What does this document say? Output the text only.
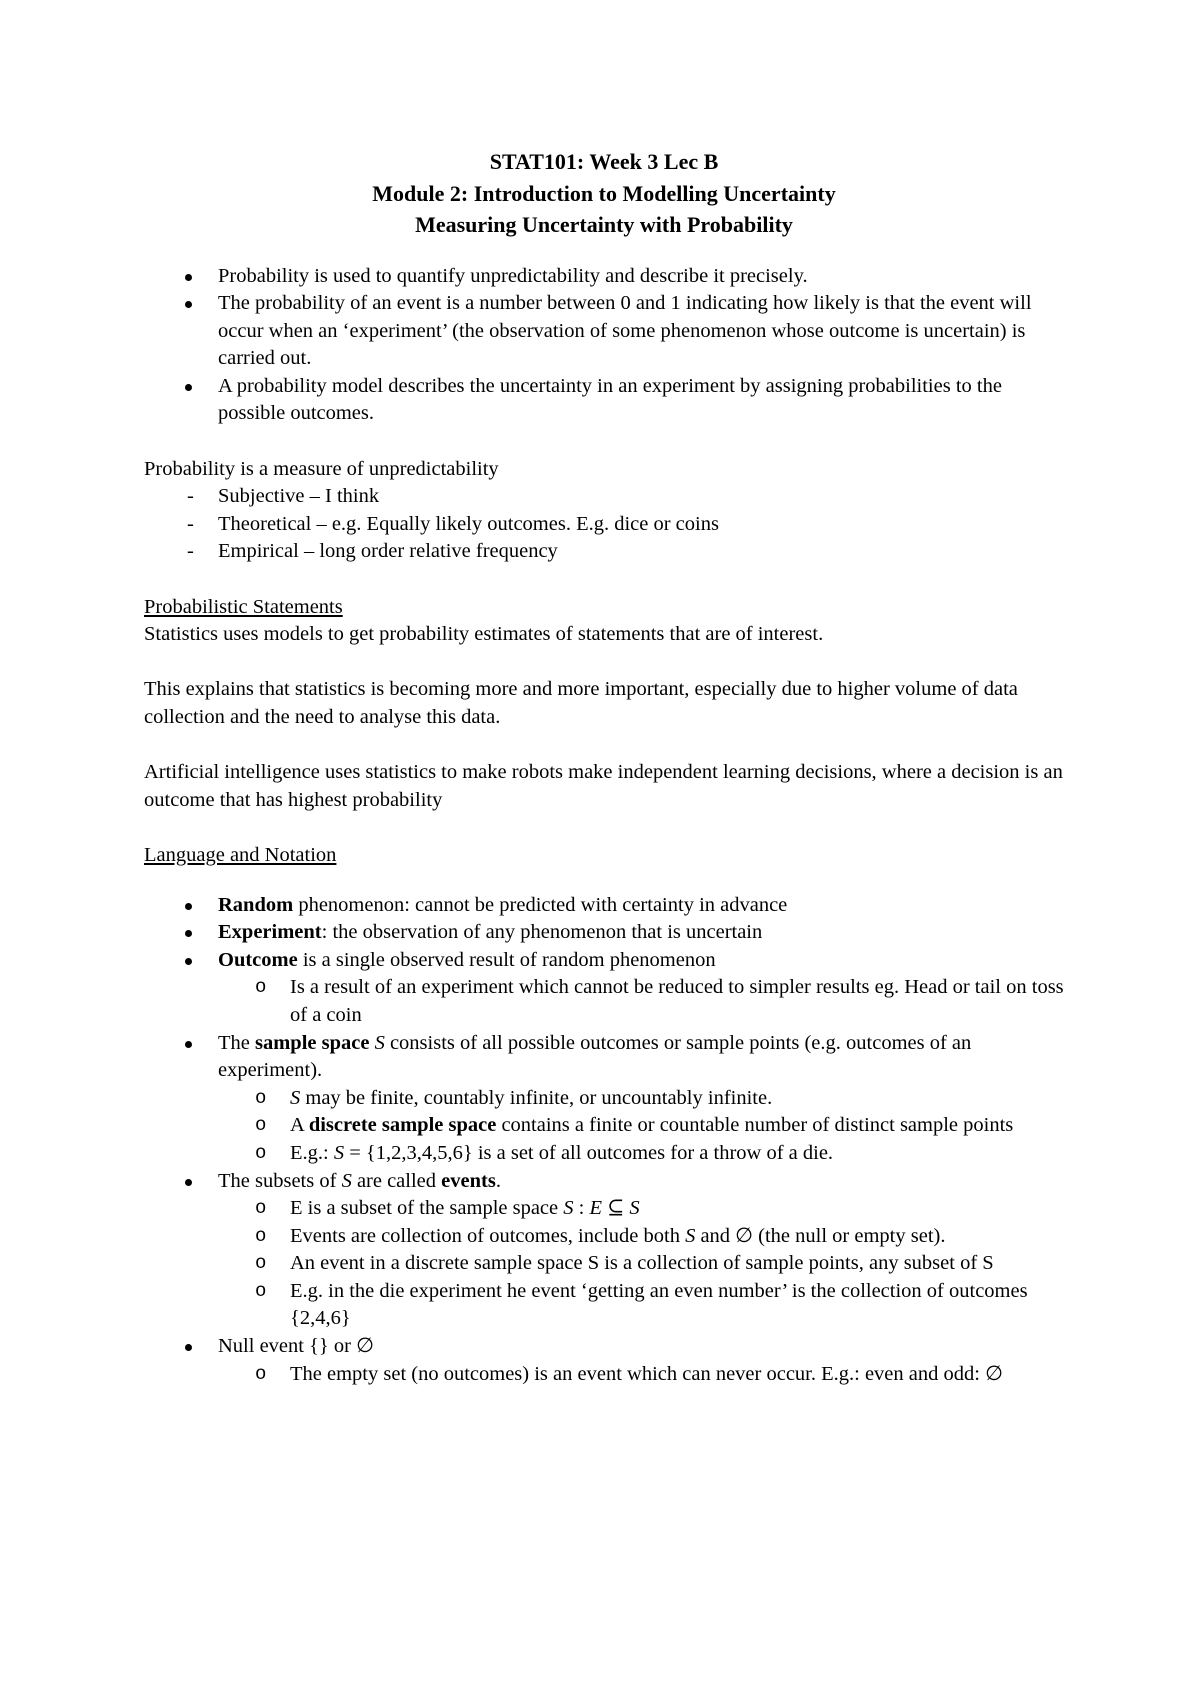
STAT101: Week 3 Lec B
Module 2: Introduction to Modelling Uncertainty
Measuring Uncertainty with Probability
Probability is used to quantify unpredictability and describe it precisely.
The probability of an event is a number between 0 and 1 indicating how likely is that the event will occur when an ‘experiment’ (the observation of some phenomenon whose outcome is uncertain) is carried out.
A probability model describes the uncertainty in an experiment by assigning probabilities to the possible outcomes.

Probability is a measure of unpredictability

- Subjective – I think
- Theoretical – e.g. Equally likely outcomes. E.g. dice or coins
- Empirical – long order relative frequency

Probabilistic Statements

Statistics uses models to get probability estimates of statements that are of interest.

This explains that statistics is becoming more and more important, especially due to higher volume of data collection and the need to analyse this data.

Artificial intelligence uses statistics to make robots make independent learning decisions, where a decision is an outcome that has highest probability

Language and Notation

Random phenomenon: cannot be predicted with certainty in advance
Experiment: the observation of any phenomenon that is uncertain
Outcome is a single observed result of random phenomenon
o Is a result of an experiment which cannot be reduced to simpler results eg. Head or tail on toss of a coin
The sample space S consists of all possible outcomes or sample points (e.g. outcomes of an experiment).
o S may be finite, countably infinite, or uncountably infinite.
o A discrete sample space contains a finite or countable number of distinct sample points
o E.g.: S = {1,2,3,4,5,6} is a set of all outcomes for a throw of a die.
The subsets of S are called events.
o E is a subset of the sample space S : E ⊆ S
o Events are collection of outcomes, include both S and ∅ (the null or empty set).
o An event in a discrete sample space S is a collection of sample points, any subset of S
o E.g. in the die experiment he event ‘getting an even number’ is the collection of outcomes {2,4,6}
Null event {} or ∅
o The empty set (no outcomes) is an event which can never occur. E.g.: even and odd: ∅
